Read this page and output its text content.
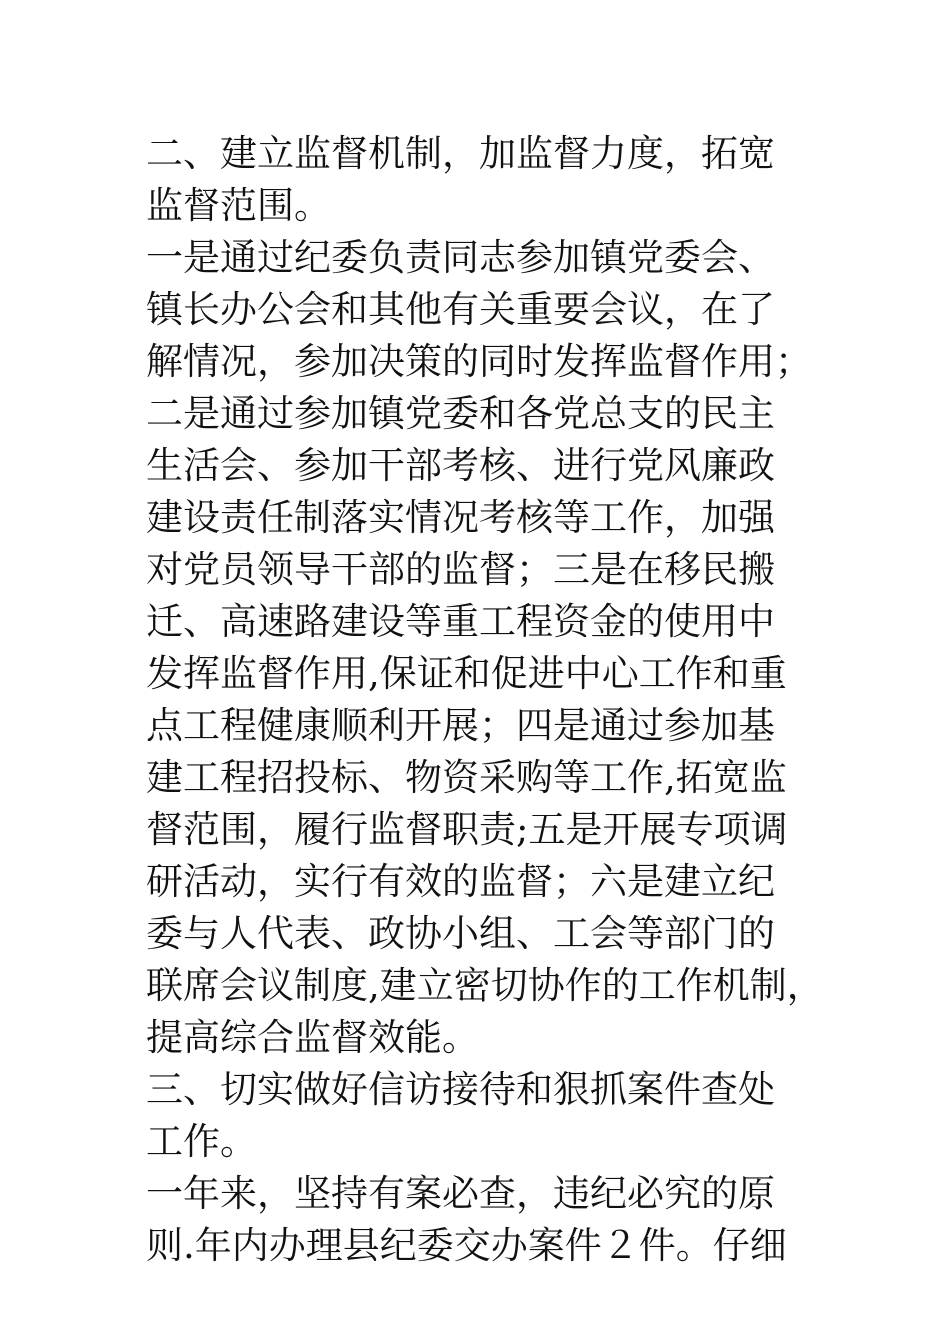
二、建立监督机制，加监督力度，拓宽
监督范围。
一是通过纪委负责同志参加镇党委会、
镇长办公会和其他有关重要会议，在了
解情况，参加决策的同时发挥监督作用；
二是通过参加镇党委和各党总支的民主
生活会、参加干部考核、进行党风廉政
建设责任制落实情况考核等工作，加强
对党员领导干部的监督；三是在移民搬
迁、高速路建设等重工程资金的使用中
发挥监督作用,保证和促进中心工作和重
点工程健康顺利开展；四是通过参加基
建工程招投标、物资采购等工作,拓宽监
督范围，履行监督职责;五是开展专项调
研活动，实行有效的监督；六是建立纪
委与人代表、政协小组、工会等部门的
联席会议制度,建立密切协作的工作机制，
提高综合监督效能。
三、切实做好信访接待和狠抓案件查处
工作。
一年来，坚持有案必查，违纪必究的原
则.年内办理县纪委交办案件２件。仔细
